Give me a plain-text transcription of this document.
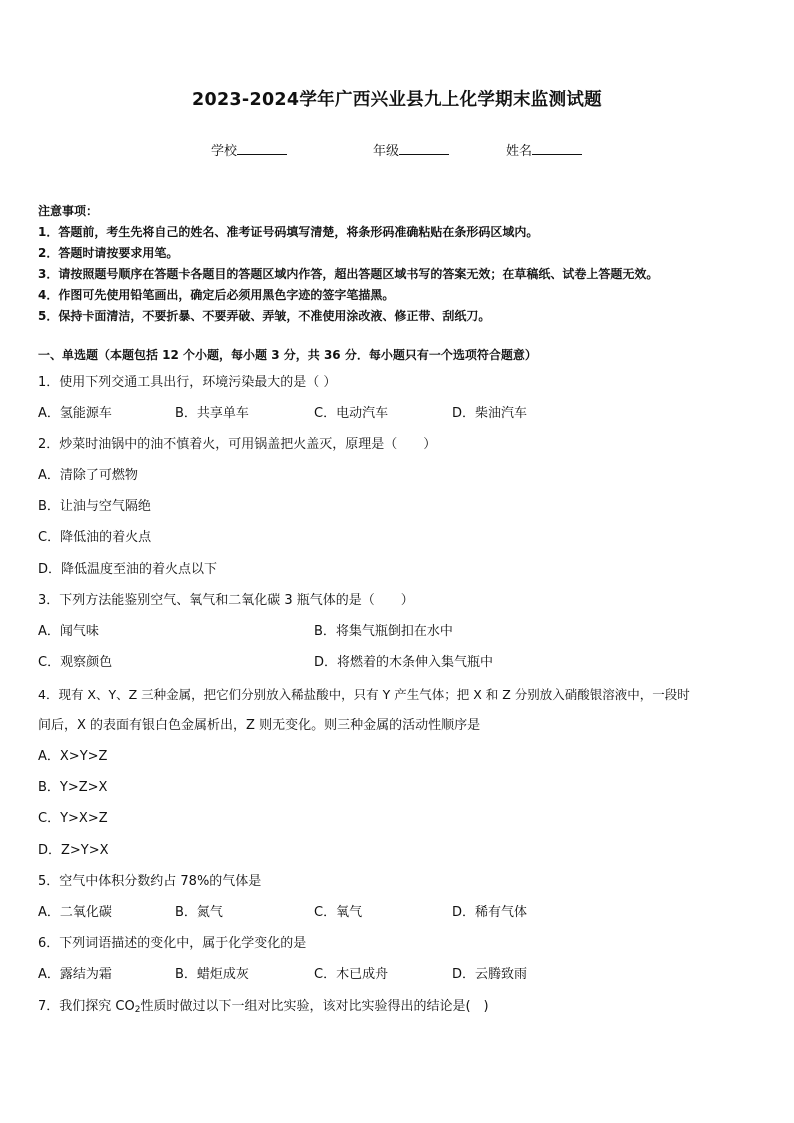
2023-2024学年广西兴业县九上化学期末监测试题
学校	年级	姓名
注意事项：
1．答题前，考生先将自己的姓名、准考证号码填写清楚，将条形码准确粘贴在条形码区域内。
2．答题时请按要求用笔。
3．请按照题号顺序在答题卡各题目的答题区域内作答，超出答题区域书写的答案无效；在草稿纸、试卷上答题无效。
4．作图可先使用铅笔画出，确定后必须用黑色字迹的签字笔描黑。
5．保持卡面清洁，不要折暴、不要弄破、弄皱，不准使用涂改液、修正带、刮纸刀。
一、单选题（本题包括 12 个小题，每小题 3 分，共 36 分．每小题只有一个选项符合题意）
1．使用下列交通工具出行，环境污染最大的是（ ）
A．氢能源车	B．共享单车	C．电动汽车	D．柴油汽车
2．炒菜时油锅中的油不慎着火，可用锅盖把火盖灭，原理是（　　）
A．清除了可燃物
B．让油与空气隔绝
C．降低油的着火点
D．降低温度至油的着火点以下
3．下列方法能鉴别空气、氧气和二氧化碳 3 瓶气体的是（　　）
A．闻气味	B．将集气瓶倒扣在水中
C．观察颜色	D．将燃着的木条伸入集气瓶中
4．现有 X、Y、Z 三种金属，把它们分别放入稀盐酸中，只有 Y 产生气体；把 X 和 Z 分别放入硝酸银溶液中，一段时
间后，X 的表面有银白色金属析出，Z 则无变化。则三种金属的活动性顺序是
A．X>Y>Z
B．Y>Z>X
C．Y>X>Z
D．Z>Y>X
5．空气中体积分数约占 78%的气体是
A．二氧化碳	B．氮气	C．氧气	D．稀有气体
6．下列词语描述的变化中，属于化学变化的是
A．露结为霜	B．蜡炬成灰	C．木已成舟	D．云腾致雨
7．我们探究 $CO_2$性质时做过以下一组对比实验，该对比实验得出的结论是(　)
